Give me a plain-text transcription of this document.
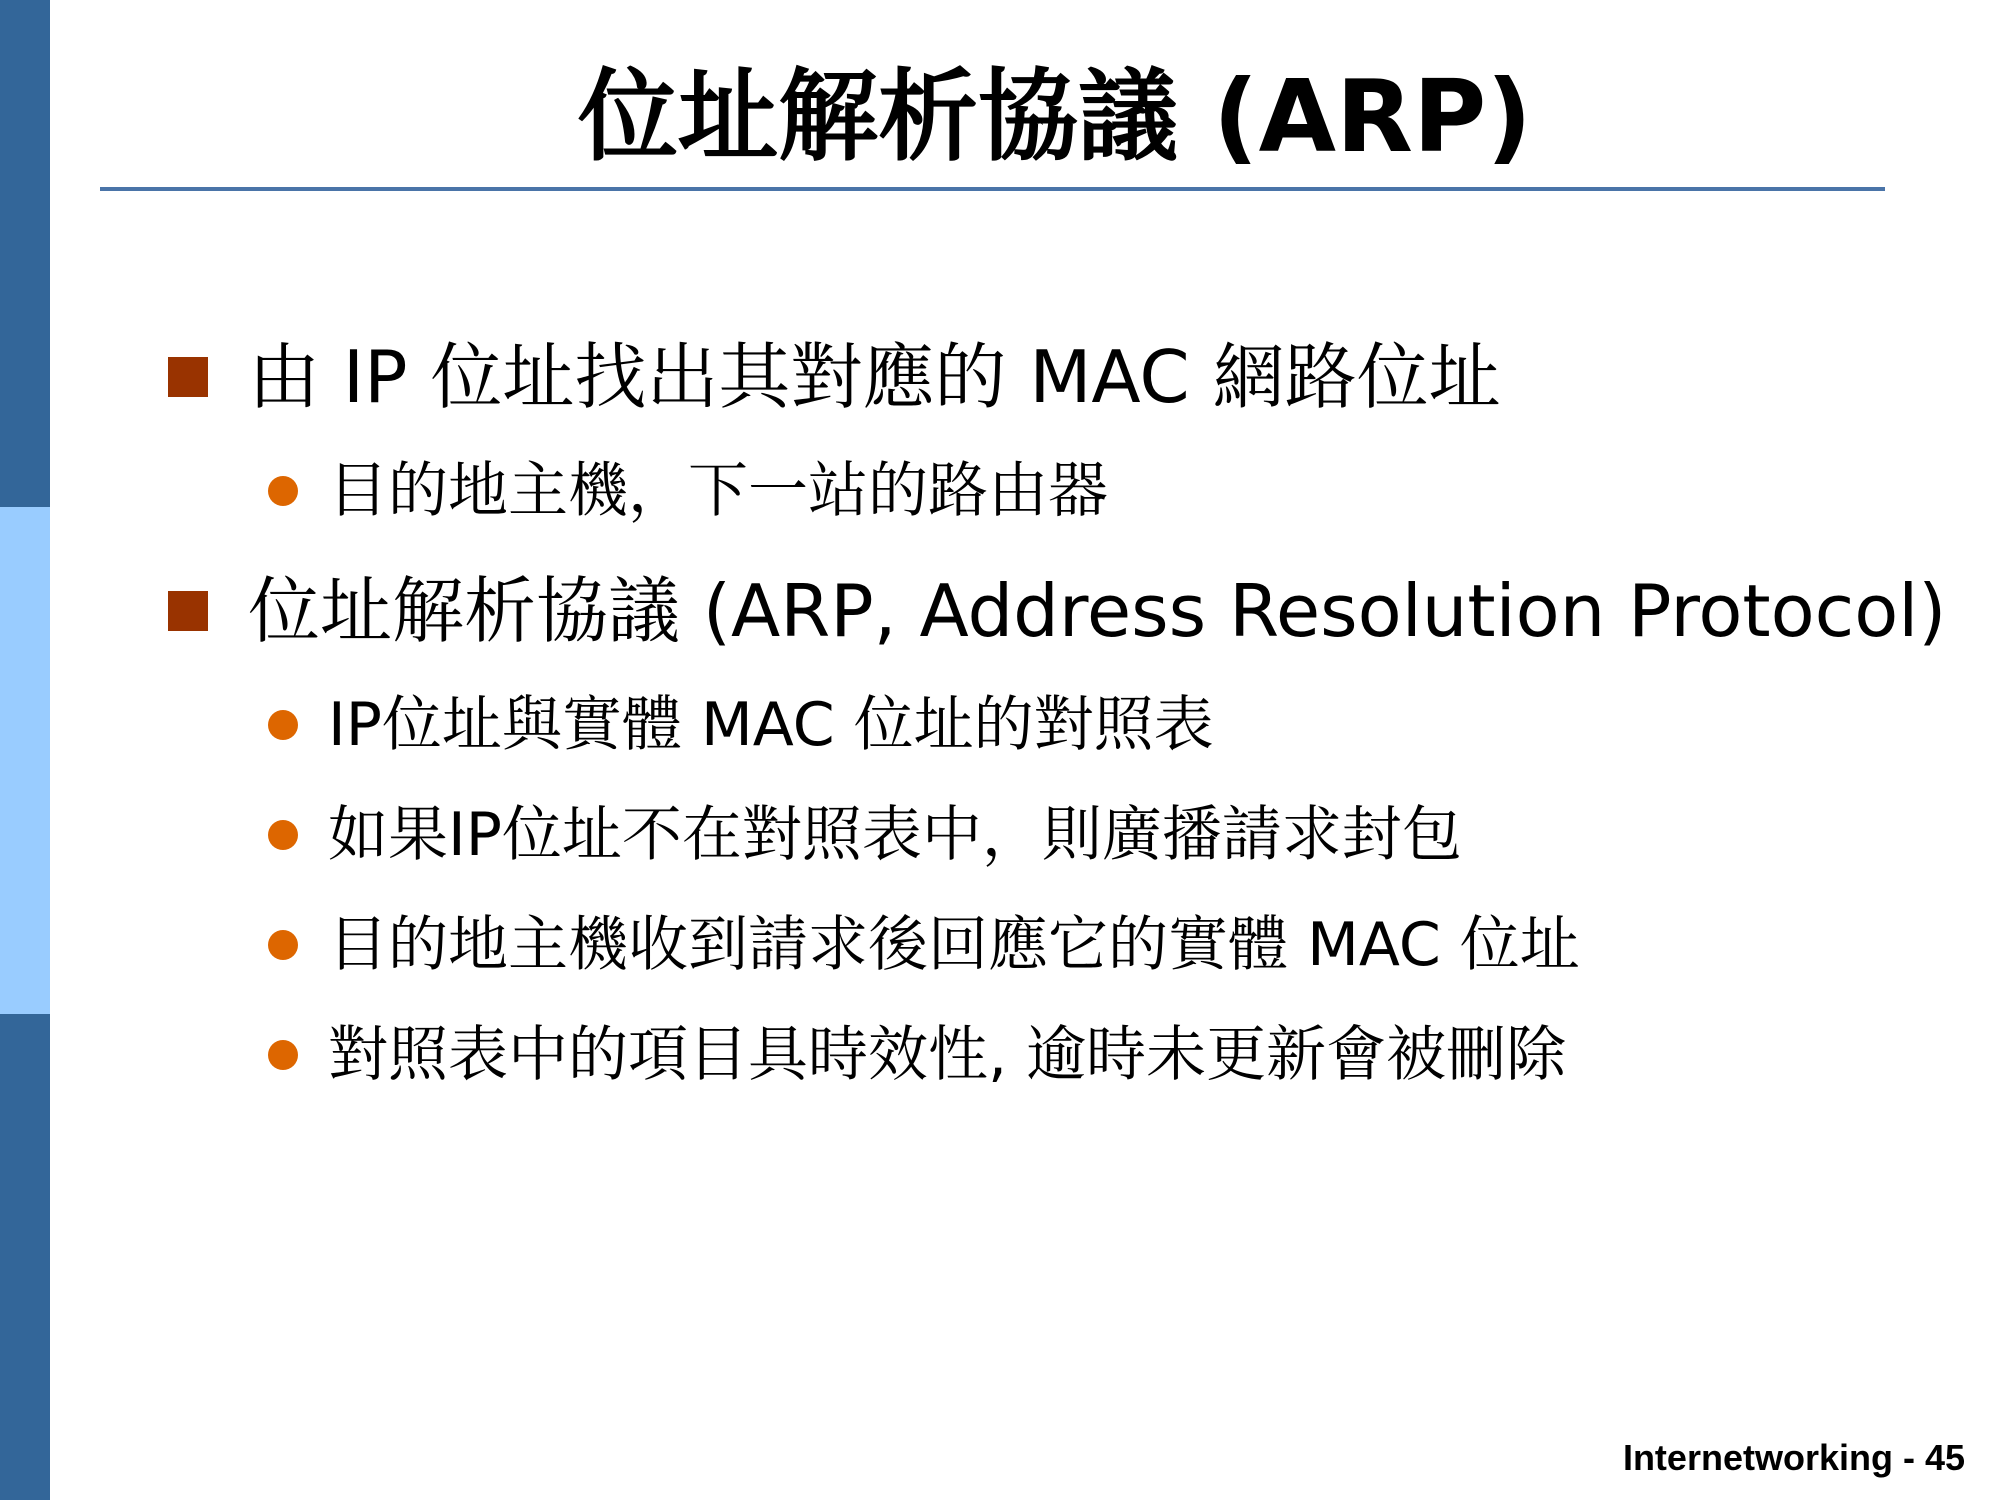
位址解析協議 (ARP)
由 IP 位址找出其對應的 MAC 網路位址
目的地主機，下一站的路由器
位址解析協議 (ARP, Address Resolution Protocol)
IP位址與實體 MAC 位址的對照表
如果IP位址不在對照表中，則廣播請求封包
目的地主機收到請求後回應它的實體 MAC 位址
對照表中的項目具時效性, 逾時未更新會被刪除
Internetworking - 45
